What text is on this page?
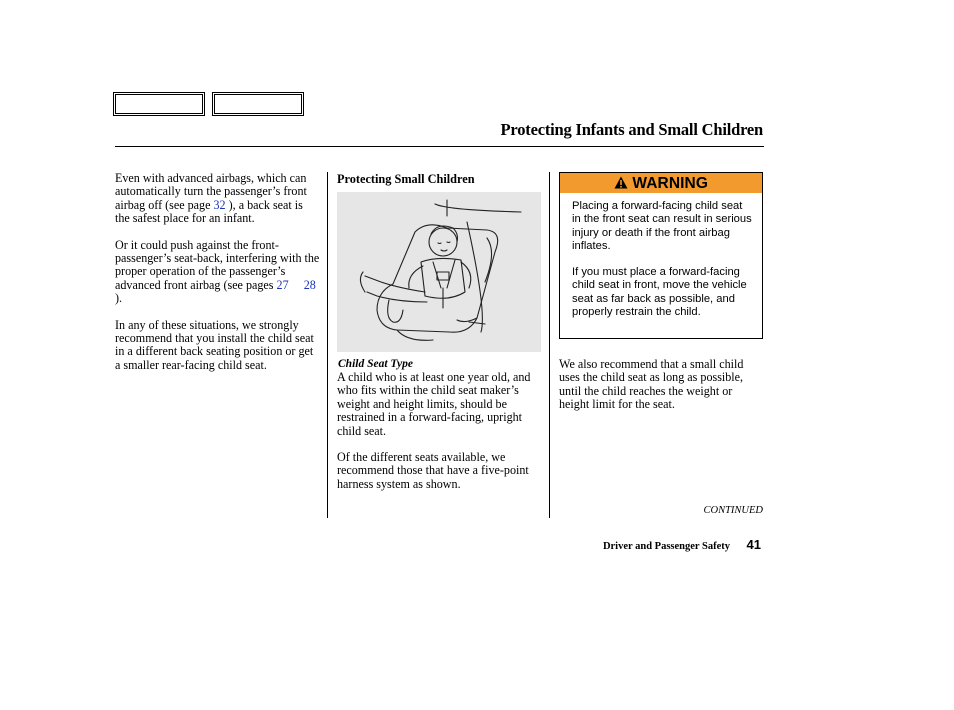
Protecting Infants and Small Children

Even with advanced airbags, which can automatically turn the passenger’s front airbag off (see page 32 ), a back seat is the safest place for an infant.

Or it could push against the front-passenger’s seat-back, interfering with the proper operation of the passenger’s advanced front airbag (see pages 27 28 ).

In any of these situations, we strongly recommend that you install the child seat in a different back seating position or get a smaller rear-facing child seat.

Protecting Small Children
Child Seat Type

A child who is at least one year old, and who fits within the child seat maker’s weight and height limits, should be restrained in a forward-facing, upright child seat.

Of the different seats available, we recommend those that have a five-point harness system as shown.

WARNING

Placing a forward-facing child seat in the front seat can result in serious injury or death if the front airbag inflates.

If you must place a forward-facing child seat in front, move the vehicle seat as far back as possible, and properly restrain the child.

We also recommend that a small child uses the child seat as long as possible, until the child reaches the weight or height limit for the seat.

CONTINUED
Driver and Passenger Safety 41
